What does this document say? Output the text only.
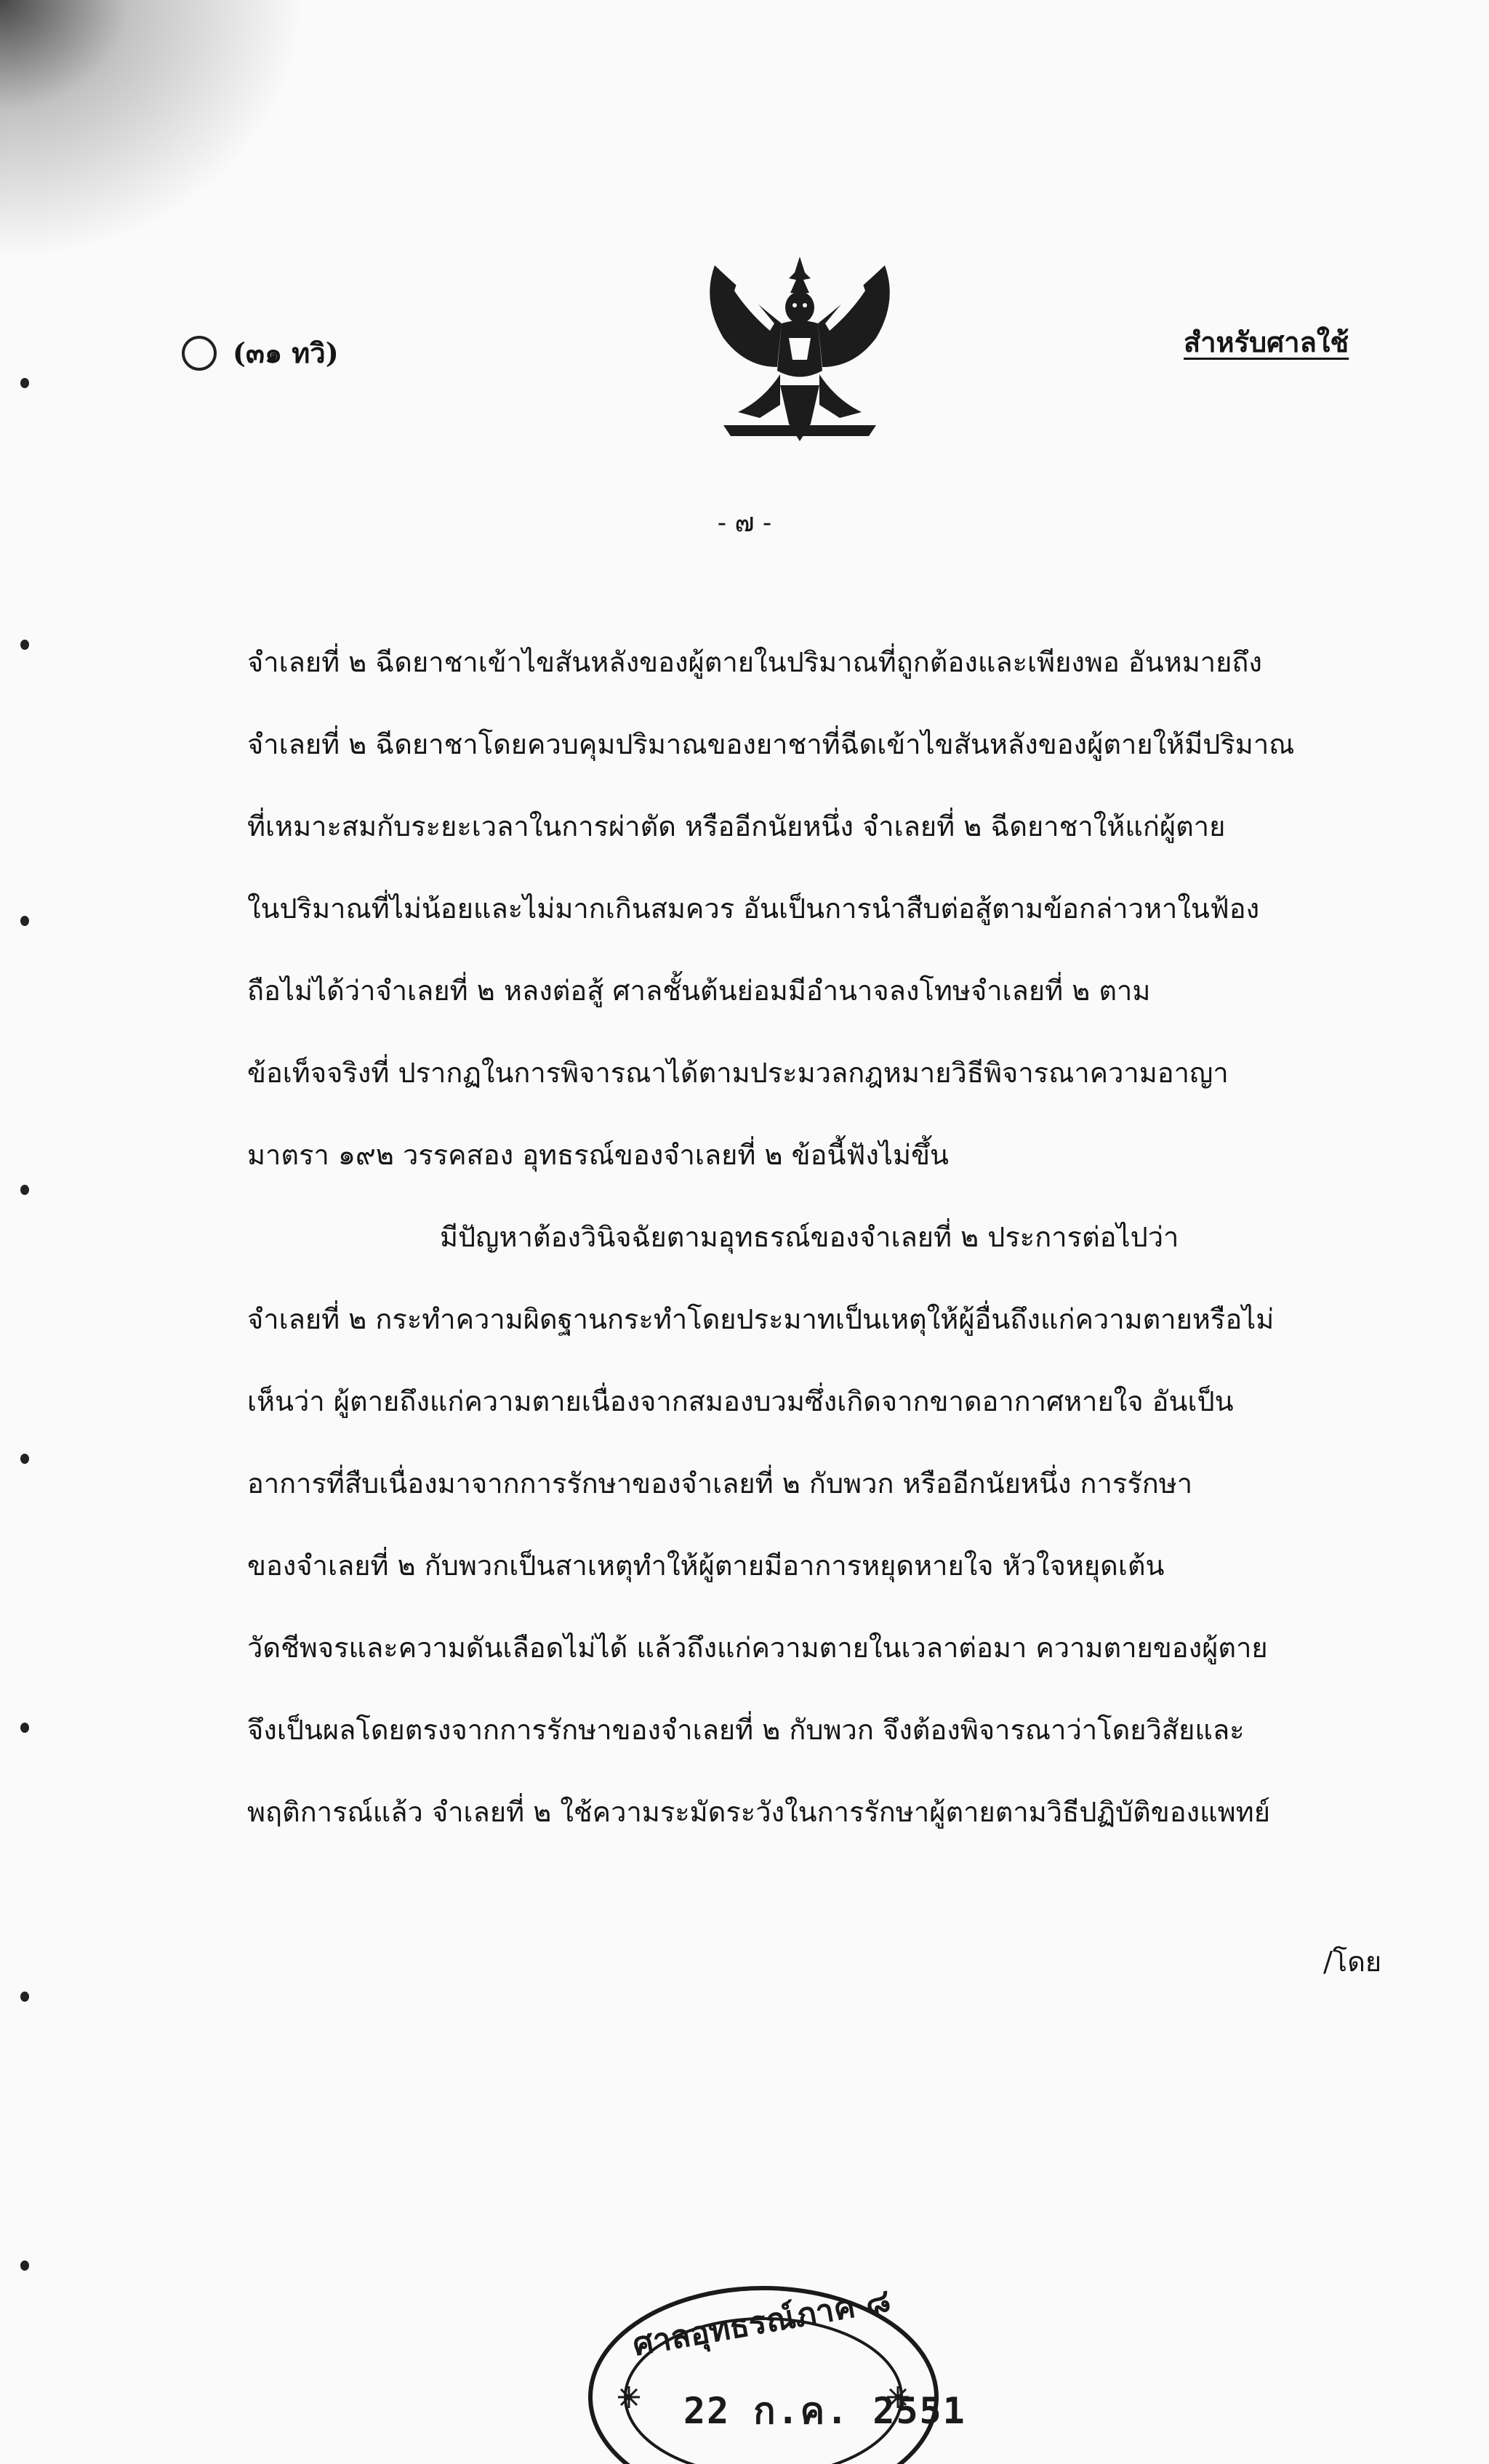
(๓๑ ทวิ)	สำหรับศาลใช้
- ๗ -
จำเลยที่ ๒ ฉีดยาชาเข้าไขสันหลังของผู้ตายในปริมาณที่ถูกต้องและเพียงพอ อันหมายถึง
จำเลยที่ ๒ ฉีดยาชาโดยควบคุมปริมาณของยาชาที่ฉีดเข้าไขสันหลังของผู้ตายให้มีปริมาณ
ที่เหมาะสมกับระยะเวลาในการผ่าตัด หรืออีกนัยหนึ่ง จำเลยที่ ๒ ฉีดยาชาให้แก่ผู้ตาย
ในปริมาณที่ไม่น้อยและไม่มากเกินสมควร อันเป็นการนำสืบต่อสู้ตามข้อกล่าวหาในฟ้อง
ถือไม่ได้ว่าจำเลยที่ ๒ หลงต่อสู้ ศาลชั้นต้นย่อมมีอำนาจลงโทษจำเลยที่ ๒ ตาม
ข้อเท็จจริงที่ ปรากฏในการพิจารณาได้ตามประมวลกฎหมายวิธีพิจารณาความอาญา
มาตรา ๑๙๒ วรรคสอง อุทธรณ์ของจำเลยที่ ๒ ข้อนี้ฟังไม่ขึ้น
มีปัญหาต้องวินิจฉัยตามอุทธรณ์ของจำเลยที่ ๒ ประการต่อไปว่า
จำเลยที่ ๒ กระทำความผิดฐานกระทำโดยประมาทเป็นเหตุให้ผู้อื่นถึงแก่ความตายหรือไม่
เห็นว่า ผู้ตายถึงแก่ความตายเนื่องจากสมองบวมซึ่งเกิดจากขาดอากาศหายใจ อันเป็น
อาการที่สืบเนื่องมาจากการรักษาของจำเลยที่ ๒ กับพวก หรืออีกนัยหนึ่ง การรักษา
ของจำเลยที่ ๒ กับพวกเป็นสาเหตุทำให้ผู้ตายมีอาการหยุดหายใจ หัวใจหยุดเต้น
วัดชีพจรและความดันเลือดไม่ได้ แล้วถึงแก่ความตายในเวลาต่อมา ความตายของผู้ตาย
จึงเป็นผลโดยตรงจากการรักษาของจำเลยที่ ๒ กับพวก จึงต้องพิจารณาว่าโดยวิสัยและ
พฤติการณ์แล้ว จำเลยที่ ๒ ใช้ความระมัดระวังในการรักษาผู้ตายตามวิธีปฏิบัติของแพทย์
/โดย
ศาลอุทธรณ์ภาค ๘
22 ก.ค. 2551
